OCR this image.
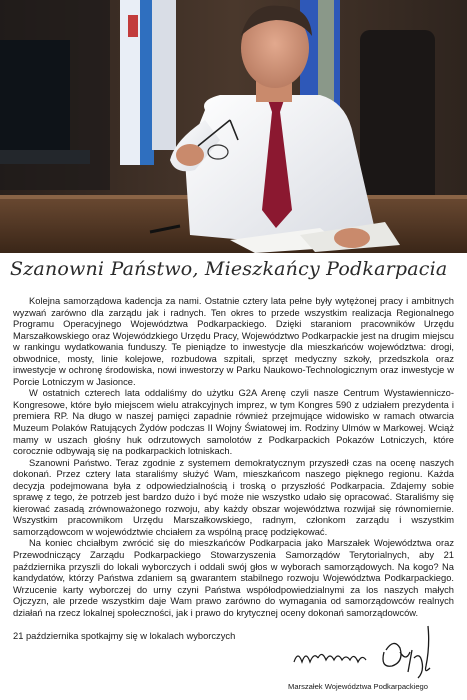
Szanowni Państwo, Mieszkańcy Podkarpacia

Kolejna samorządowa kadencja za nami. Ostatnie cztery lata pełne były wytężonej pracy i ambitnych wyzwań zarówno dla zarządu jak i radnych. Ten okres to przede wszystkim realizacja Regionalnego Programu Operacyjnego Województwa Podkarpackiego. Dzięki staraniom pracowników Urzędu Marszałkowskiego oraz Wojewódzkiego Urzędu Pracy, Województwo Podkarpackie jest na drugim miejscu w rankingu wydatkowania funduszy. Te pieniądze to inwestycje dla mieszkańców województwa: drogi, obwodnice, mosty, linie kolejowe, rozbudowa szpitali, sprzęt medyczny szkoły, przedszkola oraz inwestycje w ochronę środowiska, nowi inwestorzy w Parku Naukowo-Technologicznym oraz inwestycje w Porcie Lotniczym w Jasionce.

W ostatnich czterech lata oddaliśmy do użytku G2A Arenę czyli nasze Centrum Wystawienniczo-Kongresowe, które było miejscem wielu atrakcyjnych imprez, w tym Kongres 590 z udziałem prezydenta i premiera RP. Na długo w naszej pamięci zapadnie również przejmujące widowisko w ramach otwarcia Muzeum Polaków Ratujących Żydów podczas II Wojny Światowej im. Rodziny Ulmów w Markowej. Wciąż mamy w uszach głośny huk odrzutowych samolotów z Podkarpackich Pokazów Lotniczych, które corocznie odbywają się na podkarpackich lotniskach.

Szanowni Państwo. Teraz zgodnie z systemem demokratycznym przyszedł czas na ocenę naszych dokonań. Przez cztery lata staraliśmy służyć Wam, mieszkańcom naszego pięknego regionu. Każda decyzja podejmowana była z odpowiedzialnością i troską o przyszłość Podkarpacia. Zdajemy sobie sprawę z tego, że potrzeb jest bardzo dużo i być może nie wszystko udało się opracować. Staraliśmy się kierować zasadą zrównoważonego rozwoju, aby każdy obszar województwa rozwijał się równomiernie. Wszystkim pracownikom Urzędu Marszałkowskiego, radnym, członkom zarządu i wszystkim samorządowcom w województwie chciałem za wspólną pracę podziękować.

Na koniec chciałbym zwrócić się do mieszkańców Podkarpacia jako Marszałek Województwa oraz Przewodniczący Zarządu Podkarpackiego Stowarzyszenia Samorządów Terytorialnych, aby 21 października przyszli do lokali wyborczych i oddali swój głos w wyborach samorządowych. Na kogo? Na kandydatów, którzy Państwa zdaniem są gwarantem stabilnego rozwoju Województwa Podkarpackiego. Wrzucenie karty wyborczej do urny czyni Państwa współodpowiedzialnymi za los naszych małych Ojczyzn, ale przede wszystkim daje Wam prawo zarówno do wymagania od samorządowców realnych działań na rzecz lokalnej społeczności, jak i prawo do krytycznej oceny dokonań samorządowców.

21 października spotkajmy się w lokalach wyborczych

Marszałek Województwa Podkarpackiego
